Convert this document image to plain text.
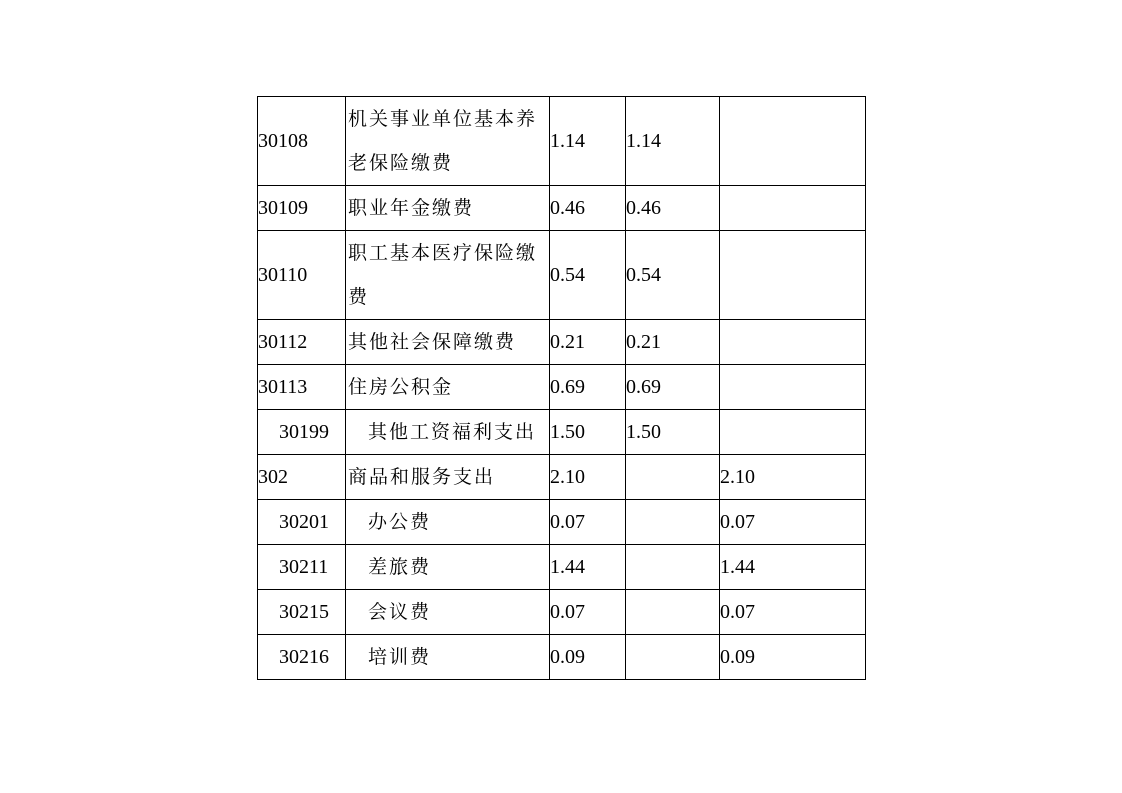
30108	机关事业单位基本养老保险缴费	1.14	1.14	
30109	职业年金缴费	0.46	0.46	
30110	职工基本医疗保险缴费	0.54	0.54	
30112	其他社会保障缴费	0.21	0.21	
30113	住房公积金	0.69	0.69	
30199	其他工资福利支出	1.50	1.50	
302	商品和服务支出	2.10		2.10
30201	办公费	0.07		0.07
30211	差旅费	1.44		1.44
30215	会议费	0.07		0.07
30216	培训费	0.09		0.09
